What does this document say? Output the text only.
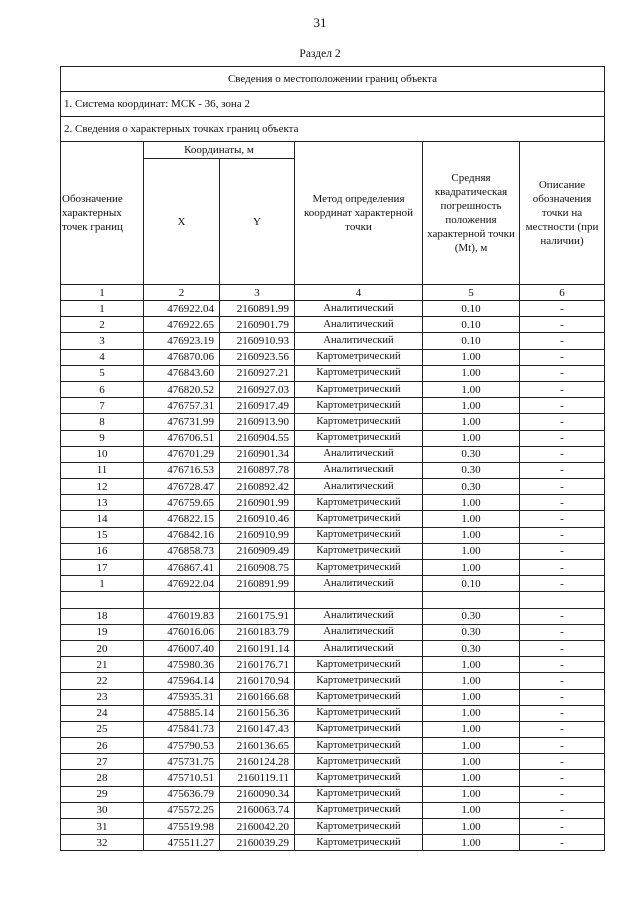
31
Раздел 2
Сведения о местоположении границ объекта					
1. Система координат: МСК - 36, зона 2					
2. Сведения о характерных точках границ объекта					
Обозначение характерных точек границ	Координаты, м		Метод определения координат характерной точки	Средняя квадратическая погрешность положения характерной точки (Mt), м	Описание обозначения точки на местности (при наличии)
	X	Y			
1	2	3	4	5	6
1	476922.04	2160891.99	Аналитический	0.10	-
2	476922.65	2160901.79	Аналитический	0.10	-
3	476923.19	2160910.93	Аналитический	0.10	-
4	476870.06	2160923.56	Картометрический	1.00	-
5	476843.60	2160927.21	Картометрический	1.00	-
6	476820.52	2160927.03	Картометрический	1.00	-
7	476757.31	2160917.49	Картометрический	1.00	-
8	476731.99	2160913.90	Картометрический	1.00	-
9	476706.51	2160904.55	Картометрический	1.00	-
10	476701.29	2160901.34	Аналитический	0.30	-
11	476716.53	2160897.78	Аналитический	0.30	-
12	476728.47	2160892.42	Аналитический	0.30	-
13	476759.65	2160901.99	Картометрический	1.00	-
14	476822.15	2160910.46	Картометрический	1.00	-
15	476842.16	2160910.99	Картометрический	1.00	-
16	476858.73	2160909.49	Картометрический	1.00	-
17	476867.41	2160908.75	Картометрический	1.00	-
1	476922.04	2160891.99	Аналитический	0.10	-

18	476019.83	2160175.91	Аналитический	0.30	-
19	476016.06	2160183.79	Аналитический	0.30	-
20	476007.40	2160191.14	Аналитический	0.30	-
21	475980.36	2160176.71	Картометрический	1.00	-
22	475964.14	2160170.94	Картометрический	1.00	-
23	475935.31	2160166.68	Картометрический	1.00	-
24	475885.14	2160156.36	Картометрический	1.00	-
25	475841.73	2160147.43	Картометрический	1.00	-
26	475790.53	2160136.65	Картометрический	1.00	-
27	475731.75	2160124.28	Картометрический	1.00	-
28	475710.51	2160119.11	Картометрический	1.00	-
29	475636.79	2160090.34	Картометрический	1.00	-
30	475572.25	2160063.74	Картометрический	1.00	-
31	475519.98	2160042.20	Картометрический	1.00	-
32	475511.27	2160039.29	Картометрический	1.00	-
